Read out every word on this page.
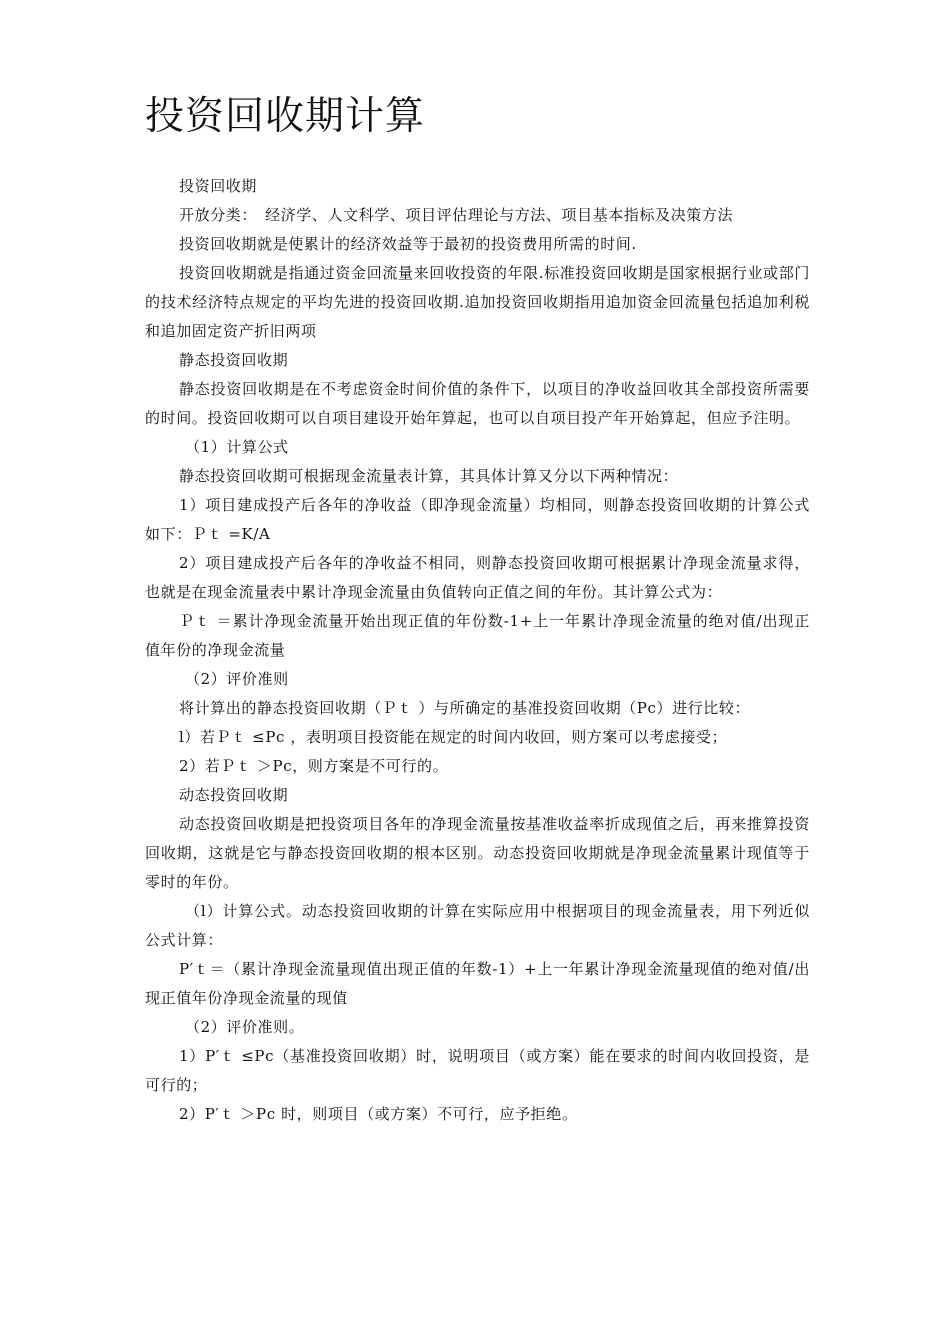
投资回收期计算

投资回收期

开放分类：　经济学、人文科学、项目评估理论与方法、项目基本指标及决策方法

投资回收期就是使累计的经济效益等于最初的投资费用所需的时间.

投资回收期就是指通过资金回流量来回收投资的年限.标准投资回收期是国家根据行业或部门的技术经济特点规定的平均先进的投资回收期.追加投资回收期指用追加资金回流量包括追加利税和追加固定资产折旧两项

静态投资回收期

静态投资回收期是在不考虑资金时间价值的条件下，以项目的净收益回收其全部投资所需要的时间。投资回收期可以自项目建设开始年算起，也可以自项目投产年开始算起，但应予注明。

（1）计算公式

静态投资回收期可根据现金流量表计算，其具体计算又分以下两种情况：

1）项目建成投产后各年的净收益（即净现金流量）均相同，则静态投资回收期的计算公式如下：Ｐｔ =K/A

2）项目建成投产后各年的净收益不相同，则静态投资回收期可根据累计净现金流量求得，也就是在现金流量表中累计净现金流量由负值转向正值之间的年份。其计算公式为：

Ｐｔ ＝累计净现金流量开始出现正值的年份数-1+上一年累计净现金流量的绝对值/出现正值年份的净现金流量

（2）评价准则

将计算出的静态投资回收期（Ｐｔ ）与所确定的基准投资回收期（Pc）进行比较：

l）若Ｐｔ ≤Pc ，表明项目投资能在规定的时间内收回，则方案可以考虑接受；

2）若Ｐｔ ＞Pc，则方案是不可行的。

动态投资回收期

动态投资回收期是把投资项目各年的净现金流量按基准收益率折成现值之后，再来推算投资回收期，这就是它与静态投资回收期的根本区别。动态投资回收期就是净现金流量累计现值等于零时的年份。

（l）计算公式。动态投资回收期的计算在实际应用中根据项目的现金流量表，用下列近似公式计算：

P′ｔ＝（累计净现金流量现值出现正值的年数-1）+上一年累计净现金流量现值的绝对值/出现正值年份净现金流量的现值

（2）评价准则。

1）P′ｔ ≤Pc（基准投资回收期）时，说明项目（或方案）能在要求的时间内收回投资，是可行的；

2）P′ｔ ＞Pc 时，则项目（或方案）不可行，应予拒绝。
